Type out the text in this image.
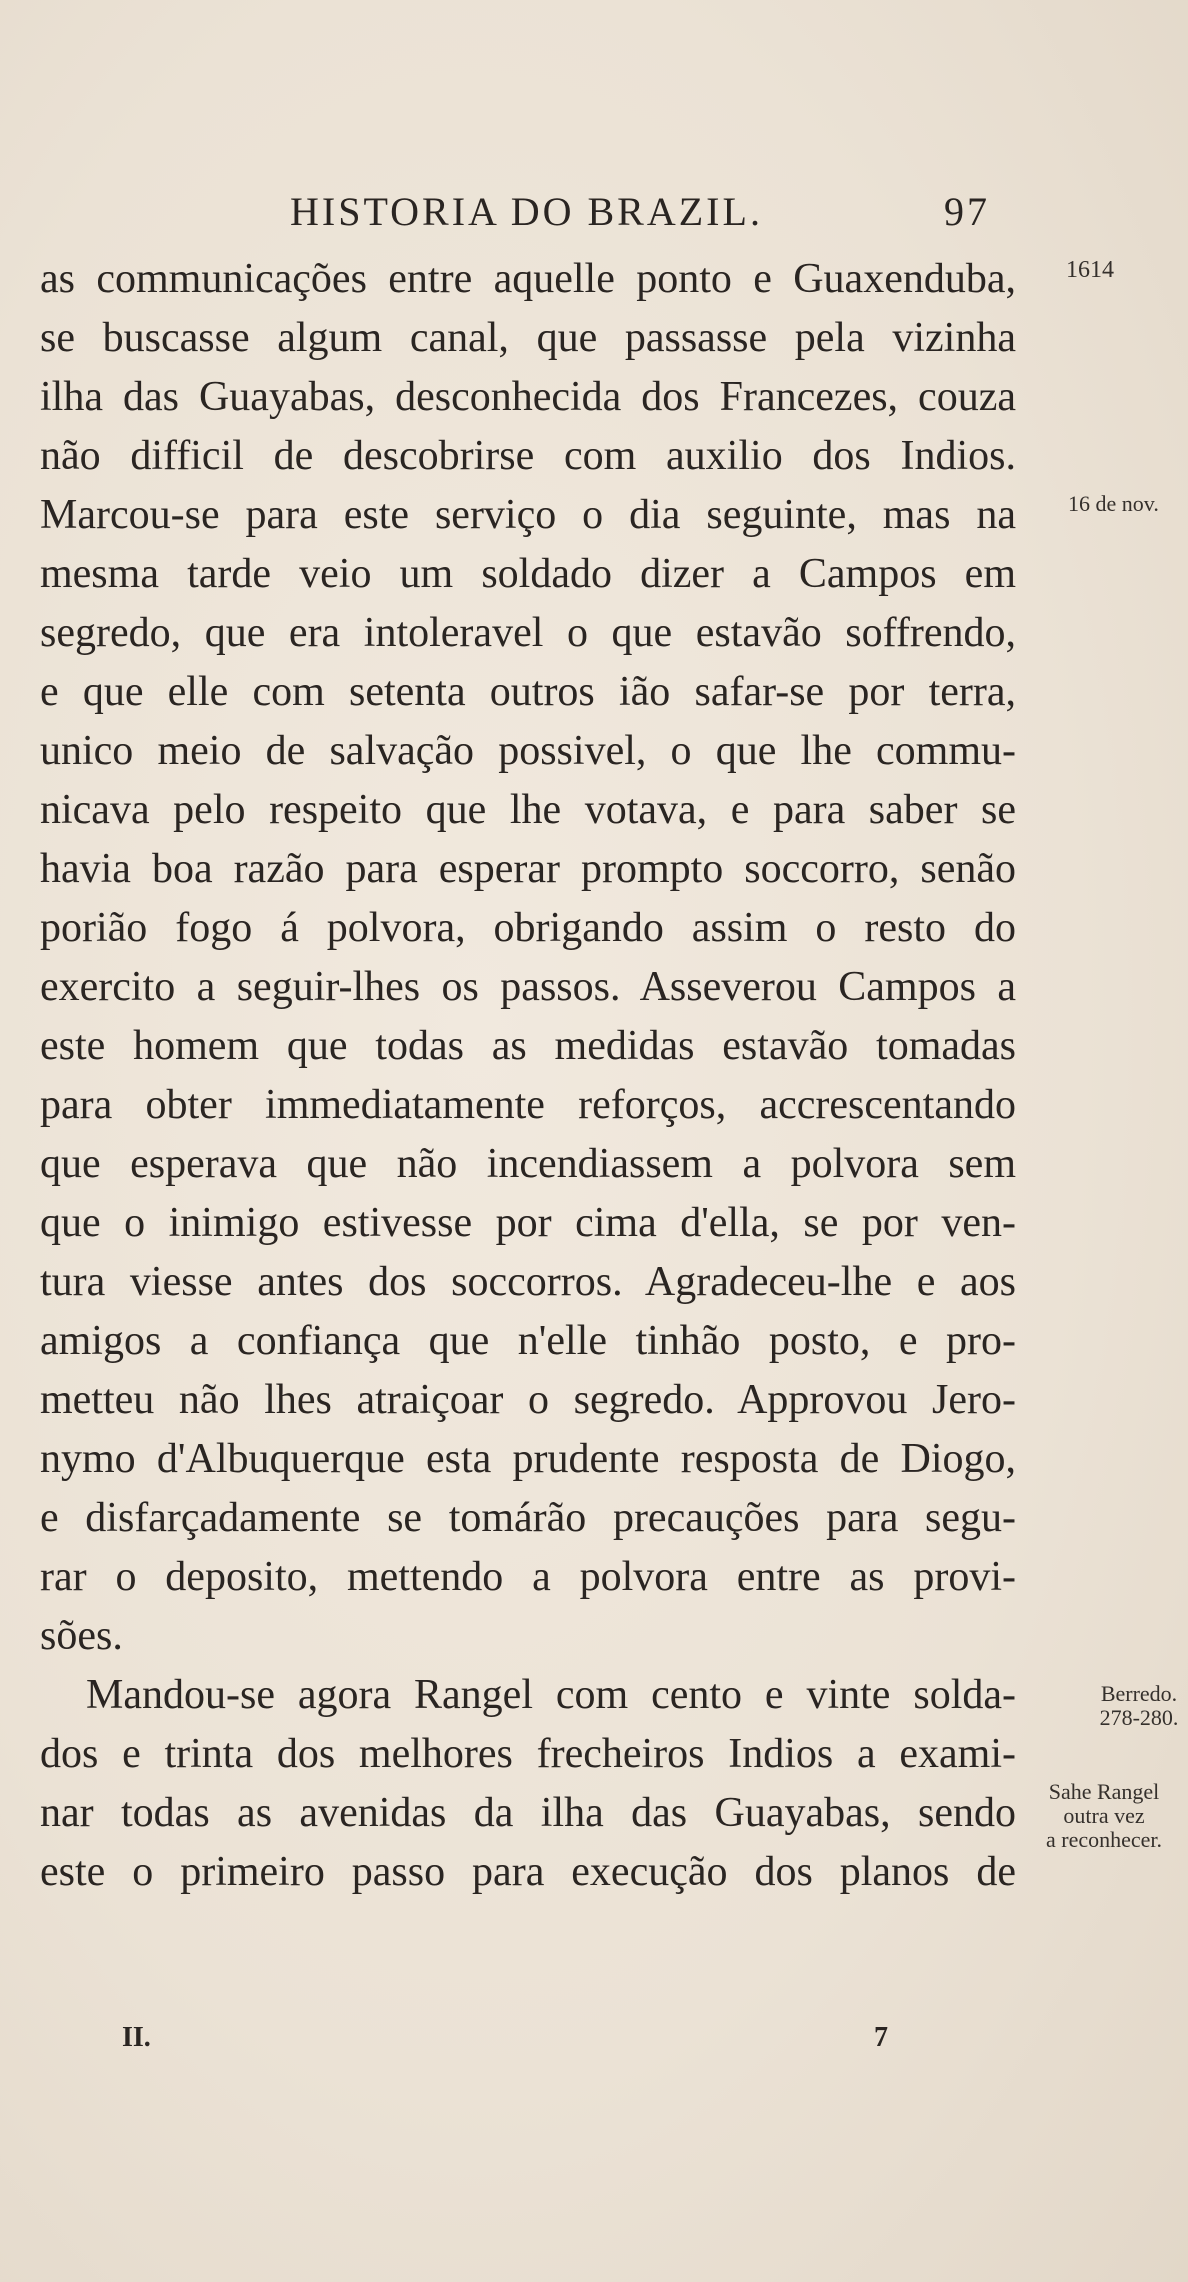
HISTORIA DO BRAZIL.	97
as communicações entre aquelle ponto e Guaxenduba,
se buscasse algum canal, que passasse pela vizinha
ilha das Guayabas, desconhecida dos Francezes, couza
não difficil de descobrirse com auxilio dos Indios.
Marcou-se para este serviço o dia seguinte, mas na
mesma tarde veio um soldado dizer a Campos em
segredo, que era intoleravel o que estavão soffrendo,
e que elle com setenta outros ião safar-se por terra,
unico meio de salvação possivel, o que lhe commu-
nicava pelo respeito que lhe votava, e para saber se
havia boa razão para esperar prompto soccorro, senão
porião fogo á polvora, obrigando assim o resto do
exercito a seguir-lhes os passos. Asseverou Campos a
este homem que todas as medidas estavão tomadas
para obter immediatamente reforços, accrescentando
que esperava que não incendiassem a polvora sem
que o inimigo estivesse por cima d'ella, se por ven-
tura viesse antes dos soccorros. Agradeceu-lhe e aos
amigos a confiança que n'elle tinhão posto, e pro-
metteu não lhes atraiçoar o segredo. Approvou Jero-
nymo d'Albuquerque esta prudente resposta de Diogo,
e disfarçadamente se tomárão precauções para segu-
rar o deposito, mettendo a polvora entre as provi-
sões.
Mandou-se agora Rangel com cento e vinte solda-
dos e trinta dos melhores frecheiros Indios a exami-
nar todas as avenidas da ilha das Guayabas, sendo
este o primeiro passo para execução dos planos de
1614
16 de nov.
Berredo.
278-280.
Sahe Rangel
outra vez
a reconhecer.
II.	7
